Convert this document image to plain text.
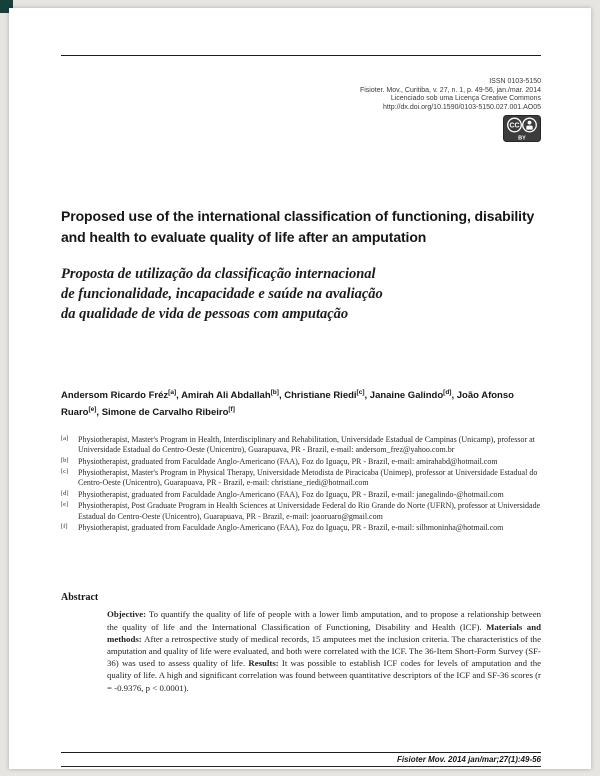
ISSN 0103-5150
Fisioter. Mov., Curitiba, v. 27, n. 1, p. 49-56, jan./mar. 2014
Licenciado sob uma Licença Creative Commons
http://dx.doi.org/10.1590/0103-5150.027.001.AO05
CC
BY
Proposed use of the international classification of functioning, disability and health to evaluate quality of life after an amputation
Proposta de utilização da classificação internacional
de funcionalidade, incapacidade e saúde na avaliação
da qualidade de vida de pessoas com amputação
Andersom Ricardo Fréz[a], Amirah Ali Abdallah[b], Christiane Riedi[c], Janaine Galindo[d], João Afonso Ruaro[e], Simone de Carvalho Ribeiro[f]
[a]	Physiotherapist, Master's Program in Health, Interdisciplinary and Rehabilitation, Universidade Estadual de Campinas (Unicamp), professor at Universidade Estadual do Centro-Oeste (Unicentro), Guarapuava, PR - Brazil, e-mail: andersom_frez@yahoo.com.br
[b]	Physiotherapist, graduated from Faculdade Anglo-Americano (FAA), Foz do Iguaçu, PR - Brazil, e-mail: amirahabd@hotmail.com
[c]	Physiotherapist, Master's Program in Physical Therapy, Universidade Metodista de Piracicaba (Unimep), professor at Universidade Estadual do Centro-Oeste (Unicentro), Guarapuava, PR - Brazil, e-mail: christiane_riedi@hotmail.com
[d]	Physiotherapist, graduated from Faculdade Anglo-Americano (FAA), Foz do Iguaçu, PR - Brazil, e-mail: janegalindo-@hotmail.com
[e]	Physiotherapist, Post Graduate Program in Health Sciences at Universidade Federal do Rio Grande do Norte (UFRN), professor at Universidade Estadual do Centro-Oeste (Unicentro), Guarapuava, PR - Brazil, e-mail: joaoruaro@gmail.com
[f]	Physiotherapist, graduated from Faculdade Anglo-Americano (FAA), Foz do Iguaçu, PR - Brazil, e-mail: silhmoninha@hotmail.com
Abstract

Objective: To quantify the quality of life of people with a lower limb amputation, and to propose a relationship between the quality of life and the International Classification of Functioning, Disability and Health (ICF). Materials and methods: After a retrospective study of medical records, 15 amputees met the inclusion criteria. The characteristics of the amputation and quality of life were evaluated, and both were correlated with the ICF. The 36-Item Short-Form Survey (SF-36) was used to assess quality of life. Results: It was possible to establish ICF codes for levels of amputation and the quality of life. A high and significant correlation was found between quantitative descriptors of the ICF and SF-36 scores (r = -0.9376, p < 0.0001).

Fisioter Mov. 2014 jan/mar;27(1):49-56
